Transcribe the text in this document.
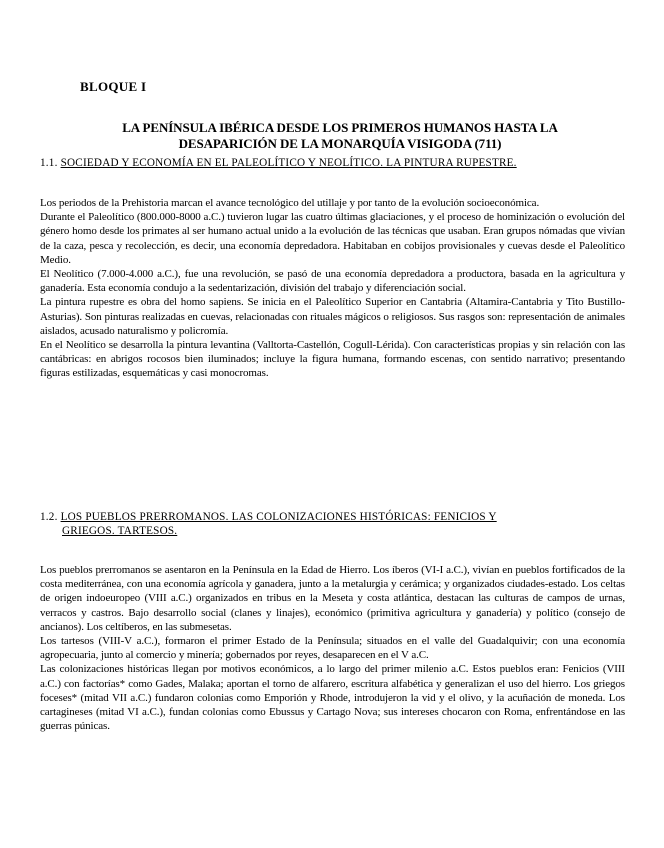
BLOQUE I
LA PENÍNSULA IBÉRICA DESDE LOS PRIMEROS HUMANOS HASTA LA
DESAPARICIÓN DE LA MONARQUÍA VISIGODA (711)
1.1. SOCIEDAD Y ECONOMÍA EN EL PALEOLÍTICO Y NEOLÍTICO. LA PINTURA RUPESTRE.

Los periodos de la Prehistoria marcan el avance tecnológico del utillaje y por tanto de la evolución socioeconómica.

Durante el Paleolítico (800.000-8000 a.C.) tuvieron lugar las cuatro últimas glaciaciones, y el proceso de hominización o evolución del género homo desde los primates al ser humano actual unido a la evolución de las técnicas que usaban. Eran grupos nómadas que vivían de la caza, pesca y recolección, es decir, una economía depredadora. Habitaban en cobijos provisionales y cuevas desde el Paleolítico Medio.

El Neolítico (7.000-4.000 a.C.), fue una revolución, se pasó de una economía depredadora a productora, basada en la agricultura y ganadería. Esta economía condujo a la sedentarización, división del trabajo y diferenciación social.

La pintura rupestre es obra del homo sapiens. Se inicia en el Paleolítico Superior en Cantabria (Altamira-Cantabria y Tito Bustillo-Asturias). Son pinturas realizadas en cuevas, relacionadas con rituales mágicos o religiosos. Sus rasgos son: representación de animales aislados, acusado naturalismo y policromía.

En el Neolítico se desarrolla la pintura levantina (Valltorta-Castellón, Cogull-Lérida). Con características propias y sin relación con las cantábricas: en abrigos rocosos bien iluminados; incluye la figura humana, formando escenas, con sentido narrativo; presentando figuras estilizadas, esquemáticas y casi monocromas.

1.2. LOS PUEBLOS PRERROMANOS. LAS COLONIZACIONES HISTÓRICAS: FENICIOS Y
GRIEGOS. TARTESOS.

Los pueblos prerromanos se asentaron en la Península en la Edad de Hierro. Los íberos (VI-I a.C.), vivían en pueblos fortificados de la costa mediterránea, con una economía agrícola y ganadera, junto a la metalurgia y cerámica; y organizados ciudades-estado. Los celtas de origen indoeuropeo (VIII a.C.) organizados en tribus en la Meseta y costa atlántica, destacan las culturas de campos de urnas, verracos y castros. Bajo desarrollo social (clanes y linajes), económico (primitiva agricultura y ganadería) y político (consejo de ancianos). Los celtíberos, en las submesetas.

Los tartesos (VIII-V a.C.), formaron el primer Estado de la Península; situados en el valle del Guadalquivir; con una economía agropecuaria, junto al comercio y minería; gobernados por reyes, desaparecen en el V a.C.

Las colonizaciones históricas llegan por motivos económicos, a lo largo del primer milenio a.C. Estos pueblos eran: Fenicios (VIII a.C.) con factorías* como Gades, Malaka; aportan el torno de alfarero, escritura alfabética y generalizan el uso del hierro. Los griegos foceses* (mitad VII a.C.) fundaron colonias como Emporión y Rhode, introdujeron la vid y el olivo, y la acuñación de moneda. Los cartagineses (mitad VI a.C.), fundan colonias como Ebussus y Cartago Nova; sus intereses chocaron con Roma, enfrentándose en las guerras púnicas.
